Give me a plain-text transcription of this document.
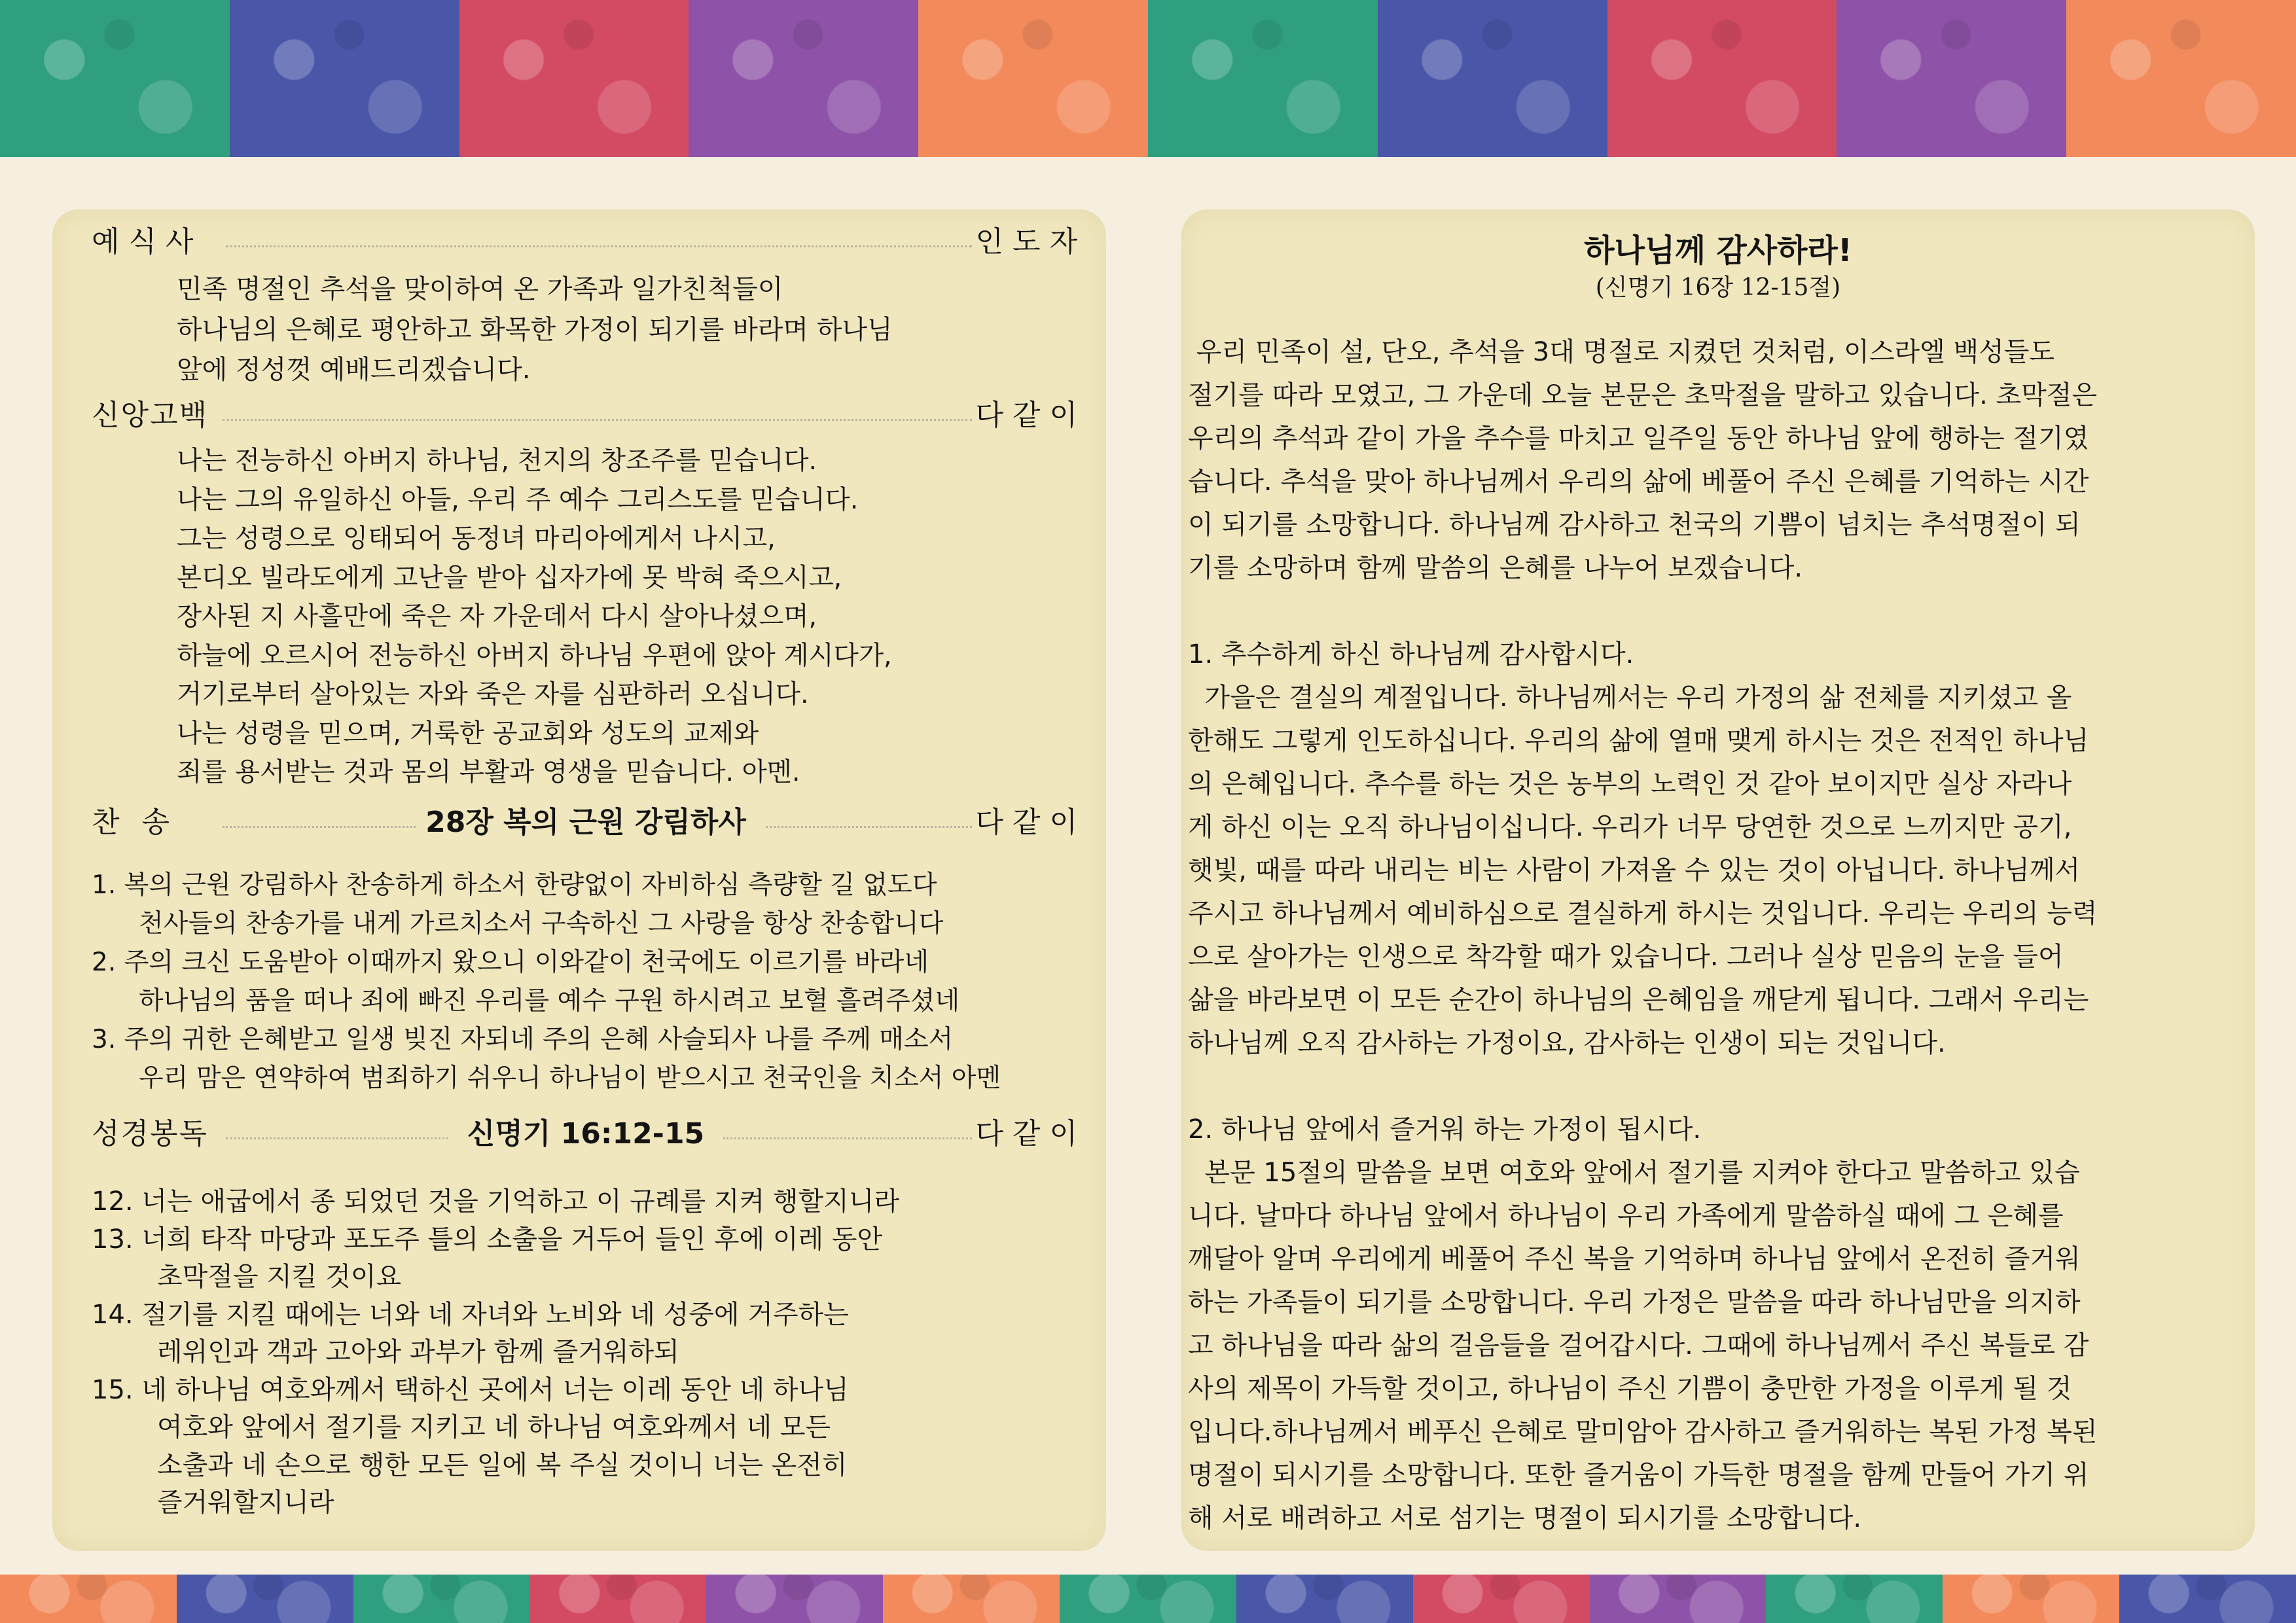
예식사	인도자
민족 명절인 추석을 맞이하여 온 가족과 일가친척들이
하나님의 은혜로 평안하고 화목한 가정이 되기를 바라며 하나님
앞에 정성껏 예배드리겠습니다.
신앙고백	다같이
나는 전능하신 아버지 하나님, 천지의 창조주를 믿습니다.
나는 그의 유일하신 아들, 우리 주 예수 그리스도를 믿습니다.
그는 성령으로 잉태되어 동정녀 마리아에게서 나시고,
본디오 빌라도에게 고난을 받아 십자가에 못 박혀 죽으시고,
장사된 지 사흘만에 죽은 자 가운데서 다시 살아나셨으며,
하늘에 오르시어 전능하신 아버지 하나님 우편에 앉아 계시다가,
거기로부터 살아있는 자와 죽은 자를 심판하러 오십니다.
나는 성령을 믿으며, 거룩한 공교회와 성도의 교제와
죄를 용서받는 것과 몸의 부활과 영생을 믿습니다. 아멘.
찬 송	28장 복의 근원 강림하사	다같이
1. 복의 근원 강림하사 찬송하게 하소서 한량없이 자비하심 측량할 길 없도다
천사들의 찬송가를 내게 가르치소서 구속하신 그 사랑을 항상 찬송합니다
2. 주의 크신 도움받아 이때까지 왔으니 이와같이 천국에도 이르기를 바라네
하나님의 품을 떠나 죄에 빠진 우리를 예수 구원 하시려고 보혈 흘려주셨네
3. 주의 귀한 은혜받고 일생 빚진 자되네 주의 은혜 사슬되사 나를 주께 매소서
우리 맘은 연약하여 범죄하기 쉬우니 하나님이 받으시고 천국인을 치소서 아멘
성경봉독	신명기 16:12-15	다같이
12. 너는 애굽에서 종 되었던 것을 기억하고 이 규례를 지켜 행할지니라
13. 너희 타작 마당과 포도주 틀의 소출을 거두어 들인 후에 이레 동안
초막절을 지킬 것이요
14. 절기를 지킬 때에는 너와 네 자녀와 노비와 네 성중에 거주하는
레위인과 객과 고아와 과부가 함께 즐거워하되
15. 네 하나님 여호와께서 택하신 곳에서 너는 이레 동안 네 하나님
여호와 앞에서 절기를 지키고 네 하나님 여호와께서 네 모든
소출과 네 손으로 행한 모든 일에 복 주실 것이니 너는 온전히
즐거워할지니라
하나님께 감사하라!
(신명기 16장 12-15절)
우리 민족이 설, 단오, 추석을 3대 명절로 지켰던 것처럼, 이스라엘 백성들도
절기를 따라 모였고, 그 가운데 오늘 본문은 초막절을 말하고 있습니다. 초막절은
우리의 추석과 같이 가을 추수를 마치고 일주일 동안 하나님 앞에 행하는 절기였
습니다. 추석을 맞아 하나님께서 우리의 삶에 베풀어 주신 은혜를 기억하는 시간
이 되기를 소망합니다. 하나님께 감사하고 천국의 기쁨이 넘치는 추석명절이 되
기를 소망하며 함께 말씀의 은혜를 나누어 보겠습니다.
1. 추수하게 하신 하나님께 감사합시다.
가을은 결실의 계절입니다. 하나님께서는 우리 가정의 삶 전체를 지키셨고 올
한해도 그렇게 인도하십니다. 우리의 삶에 열매 맺게 하시는 것은 전적인 하나님
의 은혜입니다. 추수를 하는 것은 농부의 노력인 것 같아 보이지만 실상 자라나
게 하신 이는 오직 하나님이십니다. 우리가 너무 당연한 것으로 느끼지만 공기,
햇빛, 때를 따라 내리는 비는 사람이 가져올 수 있는 것이 아닙니다. 하나님께서
주시고 하나님께서 예비하심으로 결실하게 하시는 것입니다. 우리는 우리의 능력
으로 살아가는 인생으로 착각할 때가 있습니다. 그러나 실상 믿음의 눈을 들어
삶을 바라보면 이 모든 순간이 하나님의 은혜임을 깨닫게 됩니다. 그래서 우리는
하나님께 오직 감사하는 가정이요, 감사하는 인생이 되는 것입니다.
2. 하나님 앞에서 즐거워 하는 가정이 됩시다.
본문 15절의 말씀을 보면 여호와 앞에서 절기를 지켜야 한다고 말씀하고 있습
니다. 날마다 하나님 앞에서 하나님이 우리 가족에게 말씀하실 때에 그 은혜를
깨달아 알며 우리에게 베풀어 주신 복을 기억하며 하나님 앞에서 온전히 즐거워
하는 가족들이 되기를 소망합니다. 우리 가정은 말씀을 따라 하나님만을 의지하
고 하나님을 따라 삶의 걸음들을 걸어갑시다. 그때에 하나님께서 주신 복들로 감
사의 제목이 가득할 것이고, 하나님이 주신 기쁨이 충만한 가정을 이루게 될 것
입니다.하나님께서 베푸신 은혜로 말미암아 감사하고 즐거워하는 복된 가정 복된
명절이 되시기를 소망합니다. 또한 즐거움이 가득한 명절을 함께 만들어 가기 위
해 서로 배려하고 서로 섬기는 명절이 되시기를 소망합니다.
